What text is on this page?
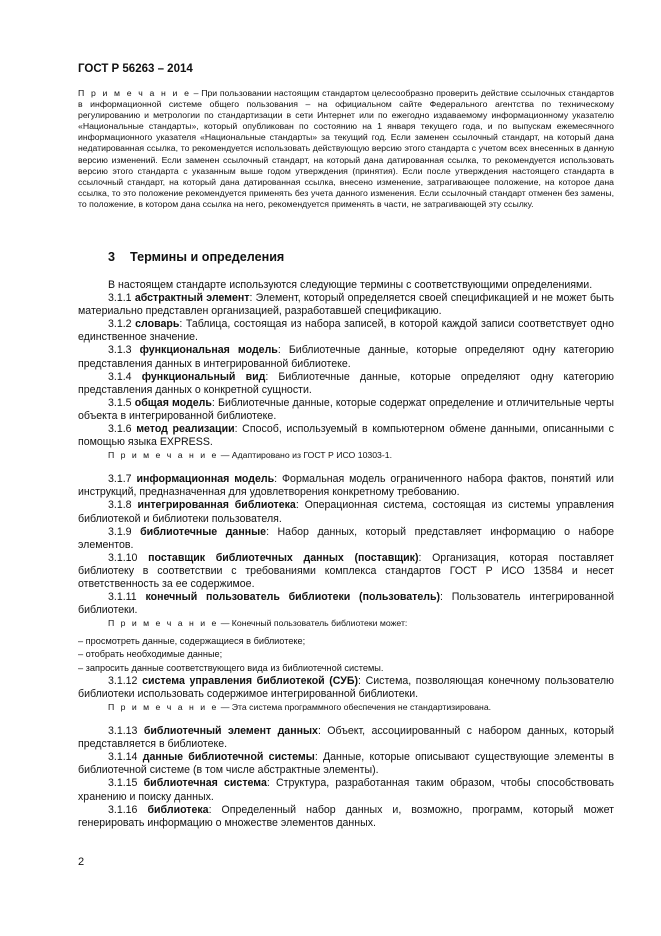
ГОСТ Р 56263 – 2014
П р и м е ч а н и е – При пользовании настоящим стандартом целесообразно проверить действие ссылочных стандартов в информационной системе общего пользования – на официальном сайте Федерального агентства по техническому регулированию и метрологии по стандартизации в сети Интернет или по ежегодно издаваемому информационному указателю «Национальные стандарты», который опубликован по состоянию на 1 января текущего года, и по выпускам ежемесячного информационного указателя «Национальные стандарты» за текущий год. Если заменен ссылочный стандарт, на который дана недатированная ссылка, то рекомендуется использовать действующую версию этого стандарта с учетом всех внесенных в данную версию изменений. Если заменен ссылочный стандарт, на который дана датированная ссылка, то рекомендуется использовать версию этого стандарта с указанным выше годом утверждения (принятия). Если после утверждения настоящего стандарта в ссылочный стандарт, на который дана датированная ссылка, внесено изменение, затрагивающее положение, на которое дана ссылка, то это положение рекомендуется применять без учета данного изменения. Если ссылочный стандарт отменен без замены, то положение, в котором дана ссылка на него, рекомендуется применять в части, не затрагивающей эту ссылку.
3 Термины и определения

В настоящем стандарте используются следующие термины с соответствующими определениями.

3.1.1 абстрактный элемент: Элемент, который определяется своей спецификацией и не может быть материально представлен организацией, разработавшей спецификацию.

3.1.2 словарь: Таблица, состоящая из набора записей, в которой каждой записи соответствует одно единственное значение.

3.1.3 функциональная модель: Библиотечные данные, которые определяют одну категорию представления данных в интегрированной библиотеке.

3.1.4 функциональный вид: Библиотечные данные, которые определяют одну категорию представления данных о конкретной сущности.

3.1.5 общая модель: Библиотечные данные, которые содержат определение и отличительные черты объекта в интегрированной библиотеке.

3.1.6 метод реализации: Способ, используемый в компьютерном обмене данными, описанными с помощью языка EXPRESS.

П р и м е ч а н и е — Адаптировано из ГОСТ Р ИСО 10303-1.

3.1.7 информационная модель: Формальная модель ограниченного набора фактов, понятий или инструкций, предназначенная для удовлетворения конкретному требованию.

3.1.8 интегрированная библиотека: Операционная система, состоящая из системы управления библиотекой и библиотеки пользователя.

3.1.9 библиотечные данные: Набор данных, который представляет информацию о наборе элементов.

3.1.10 поставщик библиотечных данных (поставщик): Организация, которая поставляет библиотеку в соответствии с требованиями комплекса стандартов ГОСТ Р ИСО 13584 и несет ответственность за ее содержимое.

3.1.11 конечный пользователь библиотеки (пользователь): Пользователь интегрированной библиотеки.

П р и м е ч а н и е — Конечный пользователь библиотеки может:

– просмотреть данные, содержащиеся в библиотеке;

– отобрать необходимые данные;

– запросить данные соответствующего вида из библиотечной системы.

3.1.12 система управления библиотекой (СУБ): Система, позволяющая конечному пользователю библиотеки использовать содержимое интегрированной библиотеки.

П р и м е ч а н и е — Эта система программного обеспечения не стандартизирована.

3.1.13 библиотечный элемент данных: Объект, ассоциированный с набором данных, который представляется в библиотеке.

3.1.14 данные библиотечной системы: Данные, которые описывают существующие элементы в библиотечной системе (в том числе абстрактные элементы).

3.1.15 библиотечная система: Структура, разработанная таким образом, чтобы способствовать хранению и поиску данных.

3.1.16 библиотека: Определенный набор данных и, возможно, программ, который может генерировать информацию о множестве элементов данных.

2
